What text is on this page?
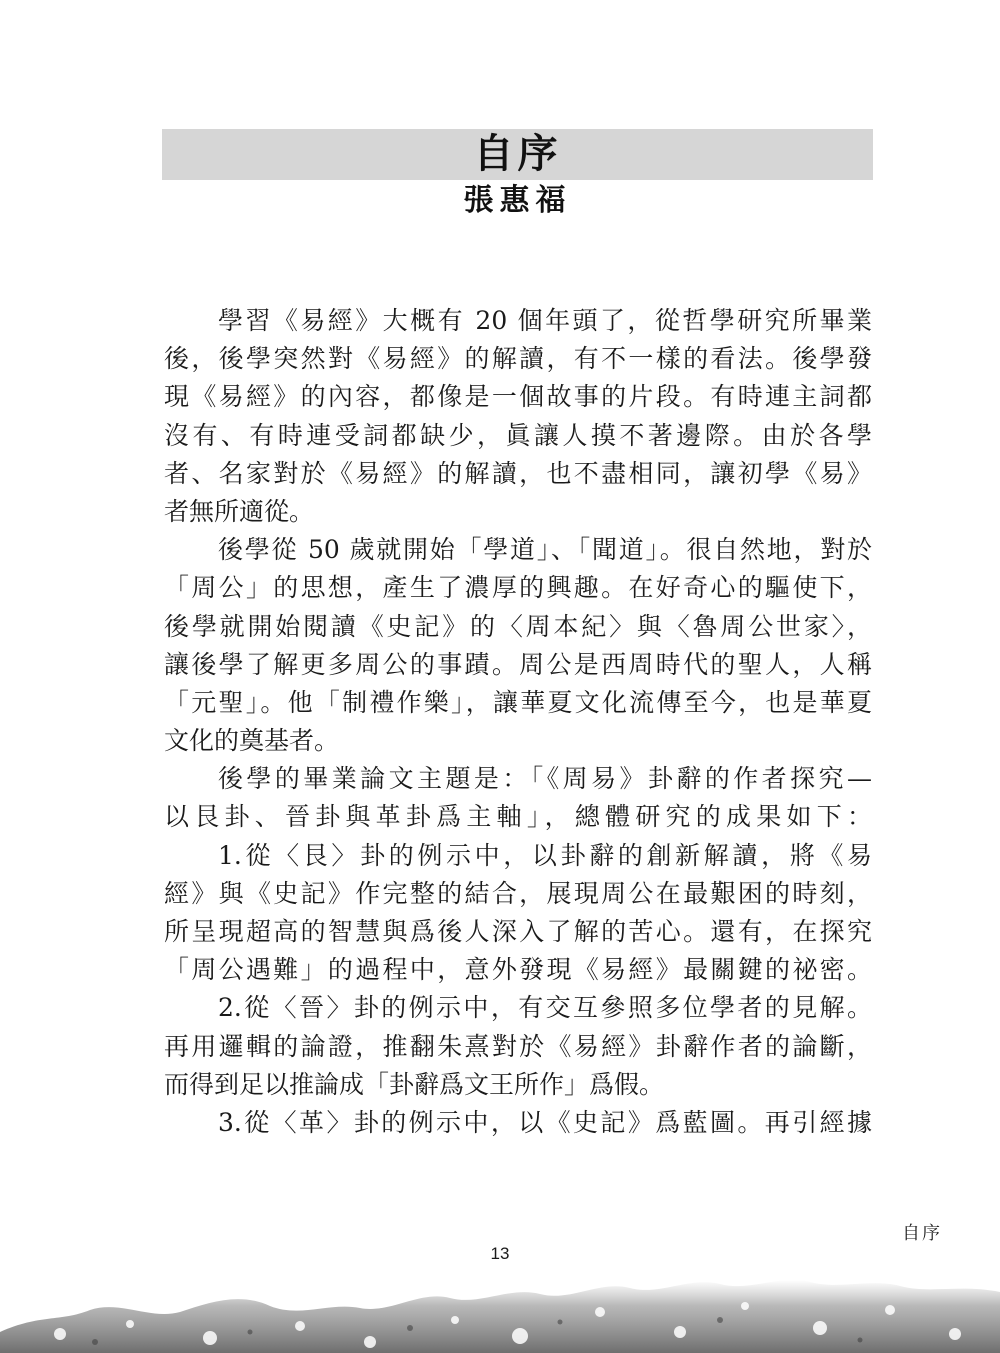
自序
張惠福
學習《易經》大概有 20 個年頭了，從哲學研究所畢業
後，後學突然對《易經》的解讀，有不一樣的看法。後學發
現《易經》的內容，都像是一個故事的片段。有時連主詞都
沒有、有時連受詞都缺少，眞讓人摸不著邊際。由於各學
者、名家對於《易經》的解讀，也不盡相同，讓初學《易》
者無所適從。
後學從 50 歲就開始「學道」、「聞道」。很自然地，對於
「周公」的思想，產生了濃厚的興趣。在好奇心的驅使下，
後學就開始閱讀《史記》的〈周本紀〉與〈魯周公世家〉，
讓後學了解更多周公的事蹟。周公是西周時代的聖人，人稱
「元聖」。他「制禮作樂」，讓華夏文化流傳至今，也是華夏
文化的奠基者。
後學的畢業論文主題是：「《周易》卦辭的作者探究—
以艮卦、晉卦與革卦爲主軸」，總體研究的成果如下：
1.從〈艮〉卦的例示中，以卦辭的創新解讀，將《易
經》與《史記》作完整的結合，展現周公在最艱困的時刻，
所呈現超高的智慧與爲後人深入了解的苦心。還有，在探究
「周公遇難」的過程中，意外發現《易經》最關鍵的祕密。
2.從〈晉〉卦的例示中，有交互參照多位學者的見解。
再用邏輯的論證，推翻朱熹對於《易經》卦辭作者的論斷，
而得到足以推論成「卦辭爲文王所作」爲假。
3.從〈革〉卦的例示中，以《史記》爲藍圖。再引經據
自序
13
